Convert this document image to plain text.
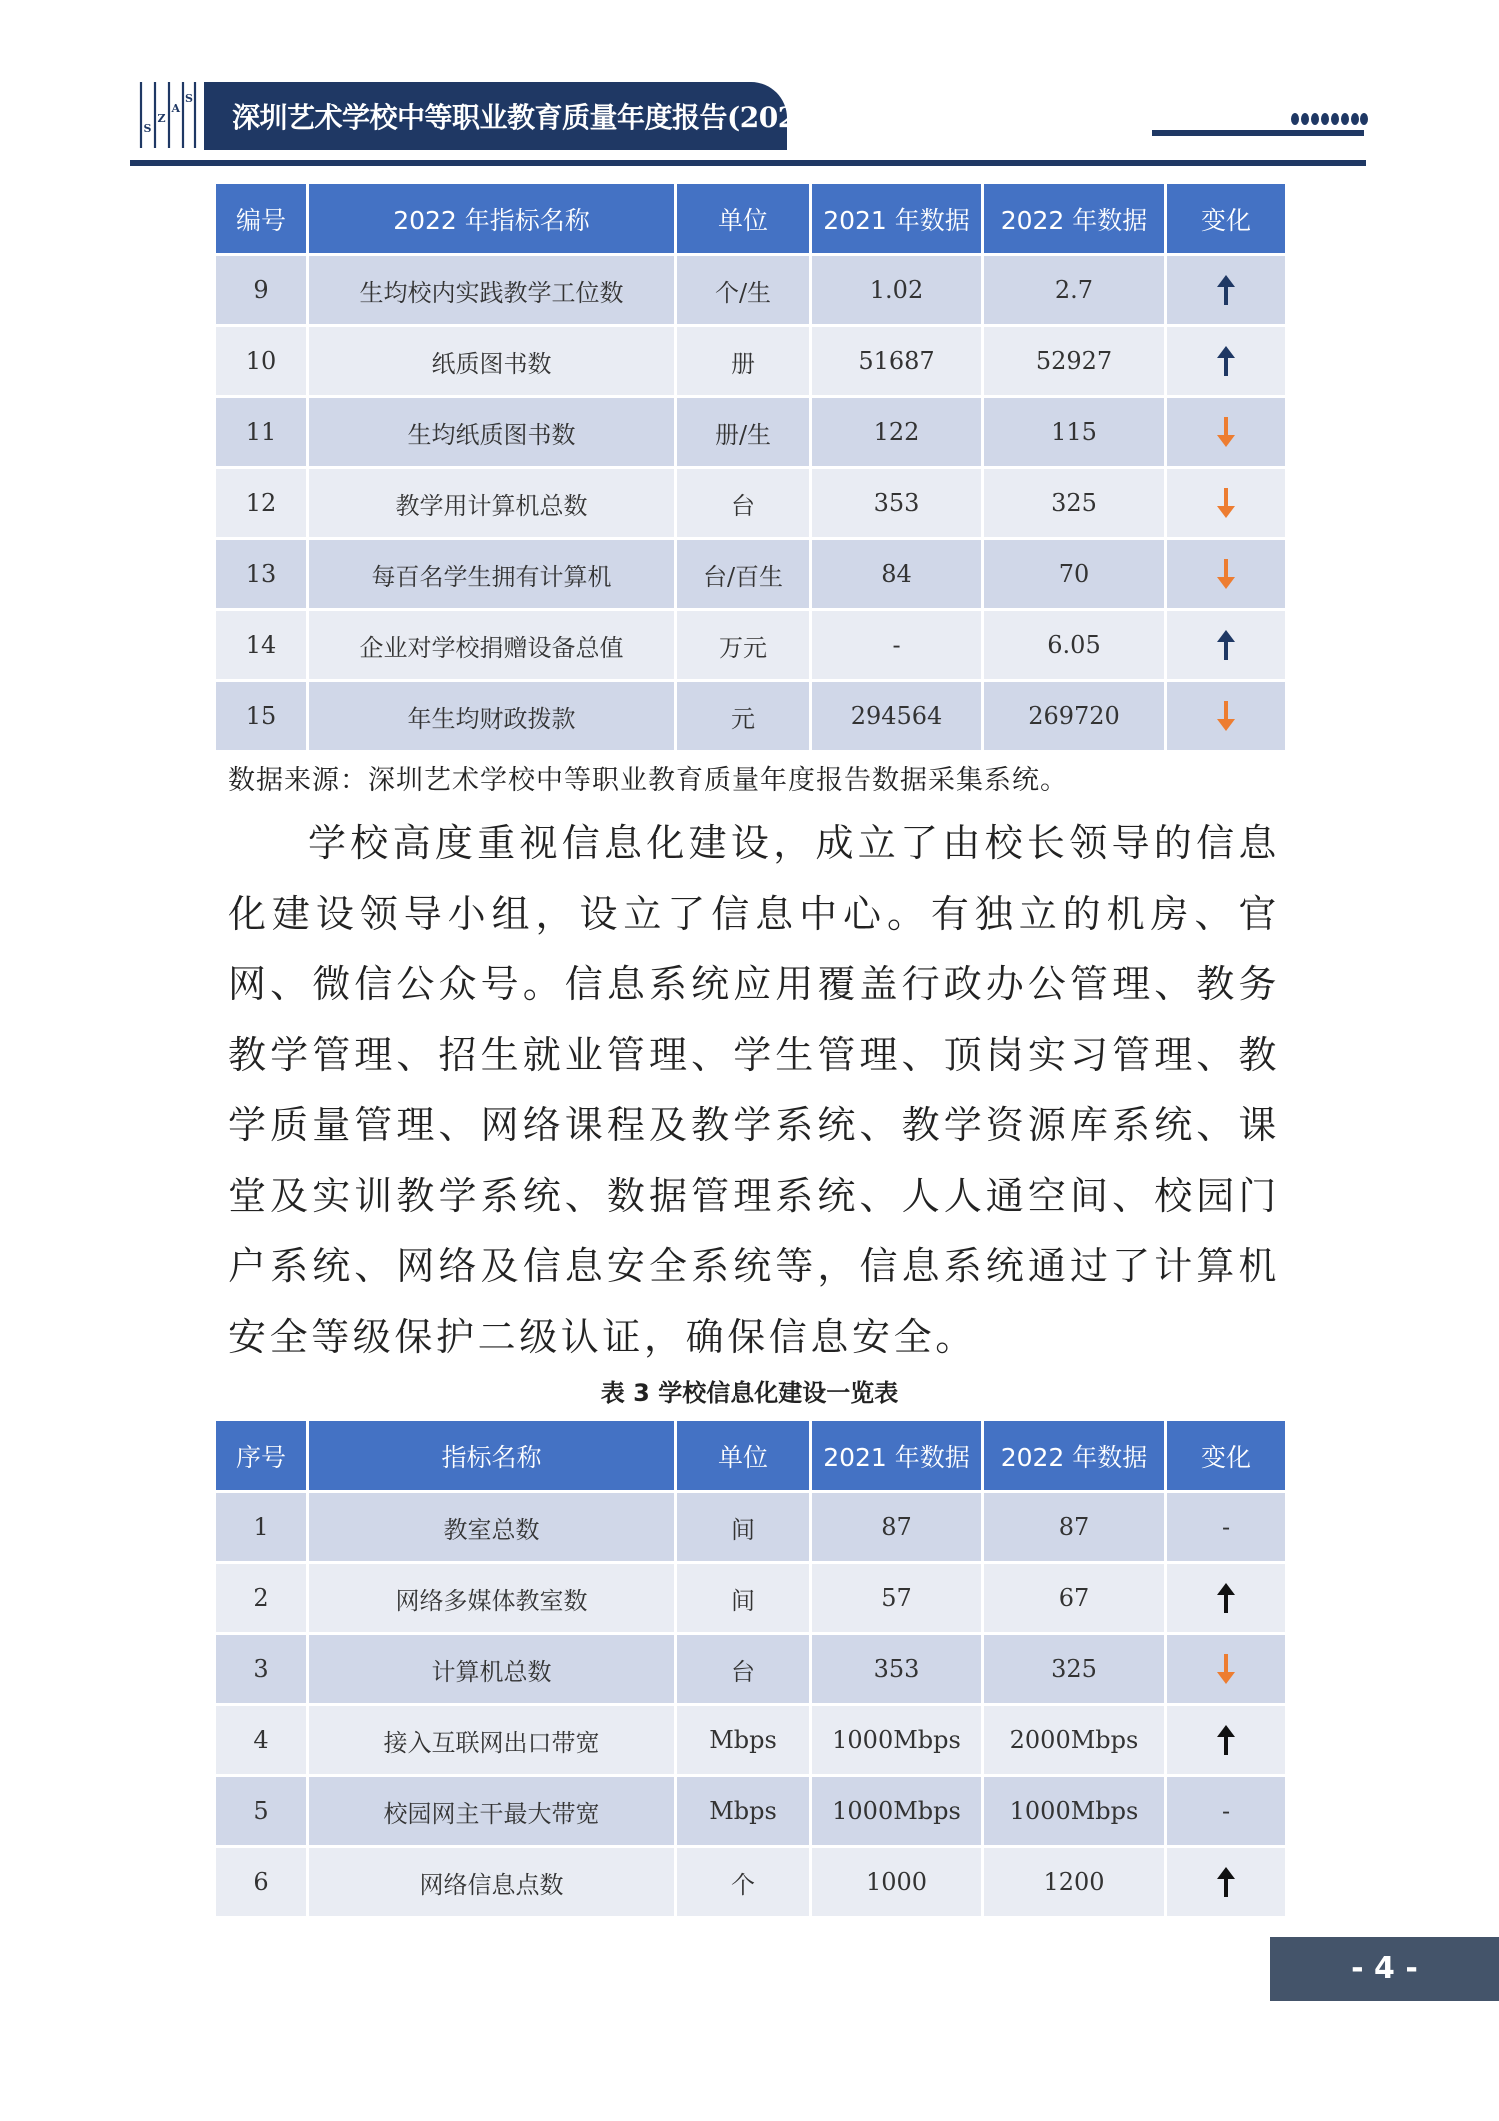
S
Z
A
S
深圳艺术学校中等职业教育质量年度报告(2023)
编号	2022 年指标名称	单位	2021 年数据	2022 年数据	变化
9	生均校内实践教学工位数	个/生	1.02	2.7	
10	纸质图书数	册	51687	52927	
11	生均纸质图书数	册/生	122	115	
12	教学用计算机总数	台	353	325	
13	每百名学生拥有计算机	台/百生	84	70	
14	企业对学校捐赠设备总值	万元	-	6.05	
15	年生均财政拨款	元	294564	269720	
数据来源：深圳艺术学校中等职业教育质量年度报告数据采集系统。

学校高度重视信息化建设，成立了由校长领导的信息化建设领导小组，设立了信息中心。有独立的机房、官网、微信公众号。信息系统应用覆盖行政办公管理、教务教学管理、招生就业管理、学生管理、顶岗实习管理、教学质量管理、网络课程及教学系统、教学资源库系统、课堂及实训教学系统、数据管理系统、人人通空间、校园门户系统、网络及信息安全系统等，信息系统通过了计算机安全等级保护二级认证，确保信息安全。

表 3 学校信息化建设一览表
序号	指标名称	单位	2021 年数据	2022 年数据	变化
1	教室总数	间	87	87	-
2	网络多媒体教室数	间	57	67	
3	计算机总数	台	353	325	
4	接入互联网出口带宽	Mbps	1000Mbps	2000Mbps	
5	校园网主干最大带宽	Mbps	1000Mbps	1000Mbps	-
6	网络信息点数	个	1000	1200	
- 4 -
